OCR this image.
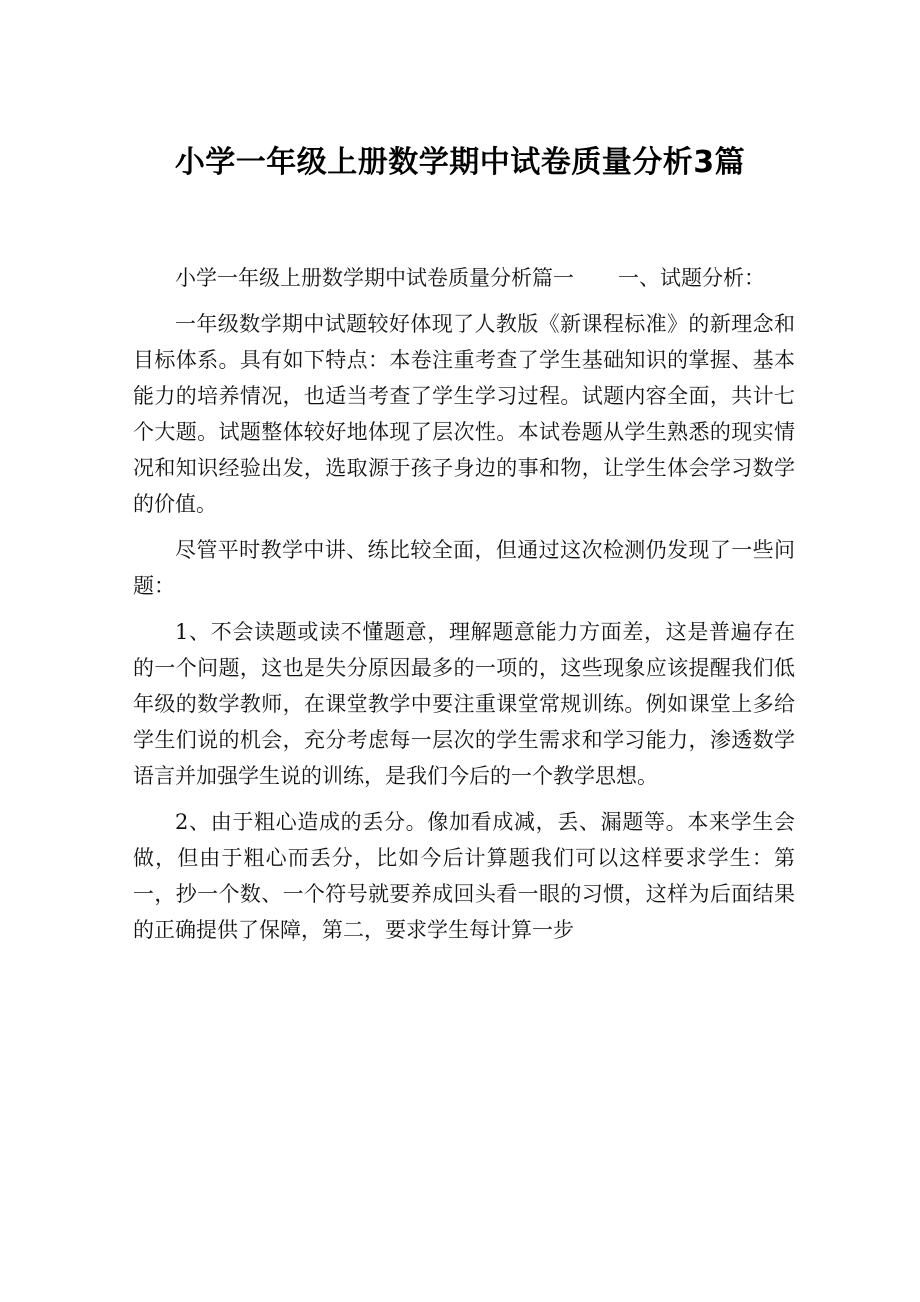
小学一年级上册数学期中试卷质量分析3篇

小学一年级上册数学期中试卷质量分析篇一 一、试题分析：

一年级数学期中试题较好体现了人教版《新课程标准》的新理念和目标体系。具有如下特点：本卷注重考查了学生基础知识的掌握、基本能力的培养情况，也适当考查了学生学习过程。试题内容全面，共计七个大题。试题整体较好地体现了层次性。本试卷题从学生熟悉的现实情况和知识经验出发，选取源于孩子身边的事和物，让学生体会学习数学的价值。

尽管平时教学中讲、练比较全面，但通过这次检测仍发现了一些问题：

1、不会读题或读不懂题意，理解题意能力方面差，这是普遍存在的一个问题，这也是失分原因最多的一项的，这些现象应该提醒我们低年级的数学教师，在课堂教学中要注重课堂常规训练。例如课堂上多给学生们说的机会，充分考虑每一层次的学生需求和学习能力，渗透数学语言并加强学生说的训练，是我们今后的一个教学思想。

2、由于粗心造成的丢分。像加看成减，丢、漏题等。本来学生会做，但由于粗心而丢分，比如今后计算题我们可以这样要求学生：第一，抄一个数、一个符号就要养成回头看一眼的习惯，这样为后面结果的正确提供了保障，第二，要求学生每计算一步
